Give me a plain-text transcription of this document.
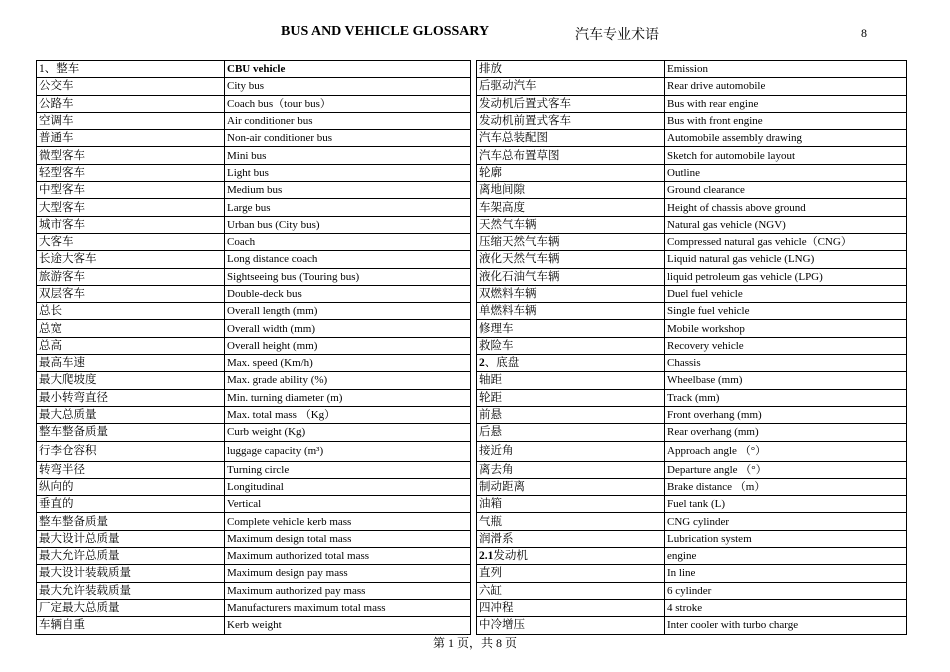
BUS AND VEHICLE GLOSSARY	汽车专业术语	8
1、整车	CBU vehicle
公交车	City bus
公路车	Coach bus（tour bus）
空调车	Air conditioner bus
普通车	Non-air conditioner bus
微型客车	Mini bus
轻型客车	Light bus
中型客车	Medium bus
大型客车	Large bus
城市客车	Urban bus (City bus)
大客车	Coach
长途大客车	Long distance coach
旅游客车	Sightseeing bus (Touring bus)
双层客车	Double-deck bus
总长	Overall length (mm)
总宽	Overall width (mm)
总高	Overall height (mm)
最高车速	Max. speed (Km/h)
最大爬坡度	Max. grade ability (%)
最小转弯直径	Min. turning diameter (m)
最大总质量	Max. total mass （Kg）
整车整备质量	Curb weight (Kg)
行李仓容积	luggage capacity (m³)
转弯半径	Turning circle
纵向的	Longitudinal
垂直的	Vertical
整车整备质量	Complete vehicle kerb mass
最大设计总质量	Maximum design total mass
最大允许总质量	Maximum authorized total mass
最大设计装载质量	Maximum design pay mass
最大允许装载质量	Maximum authorized pay mass
厂定最大总质量	Manufacturers maximum total mass
车辆自重	Kerb weight
排放	Emission
后驱动汽车	Rear drive automobile
发动机后置式客车	Bus with rear engine
发动机前置式客车	Bus with front engine
汽车总装配图	Automobile assembly drawing
汽车总布置草图	Sketch for automobile layout
轮廓	Outline
离地间隙	Ground clearance
车架高度	Height of chassis above ground
天然气车辆	Natural gas vehicle (NGV)
压缩天然气车辆	Compressed natural gas vehicle（CNG）
液化天然气车辆	Liquid natural gas vehicle (LNG)
液化石油气车辆	liquid petroleum gas vehicle (LPG)
双燃料车辆	Duel fuel vehicle
单燃料车辆	Single fuel vehicle
修理车	Mobile workshop
救险车	Recovery vehicle
2、底盘	Chassis
轴距	Wheelbase (mm)
轮距	Track (mm)
前悬	Front overhang (mm)
后悬	Rear overhang (mm)
接近角	Approach angle （°）
离去角	Departure angle （°）
制动距离	Brake distance （m）
油箱	Fuel tank (L)
气瓶	CNG cylinder
润滑系	Lubrication system
2.1发动机	engine
直列	In line
六缸	6 cylinder
四冲程	4 stroke
中冷增压	Inter cooler with turbo charge
第 1 页，共 8 页
